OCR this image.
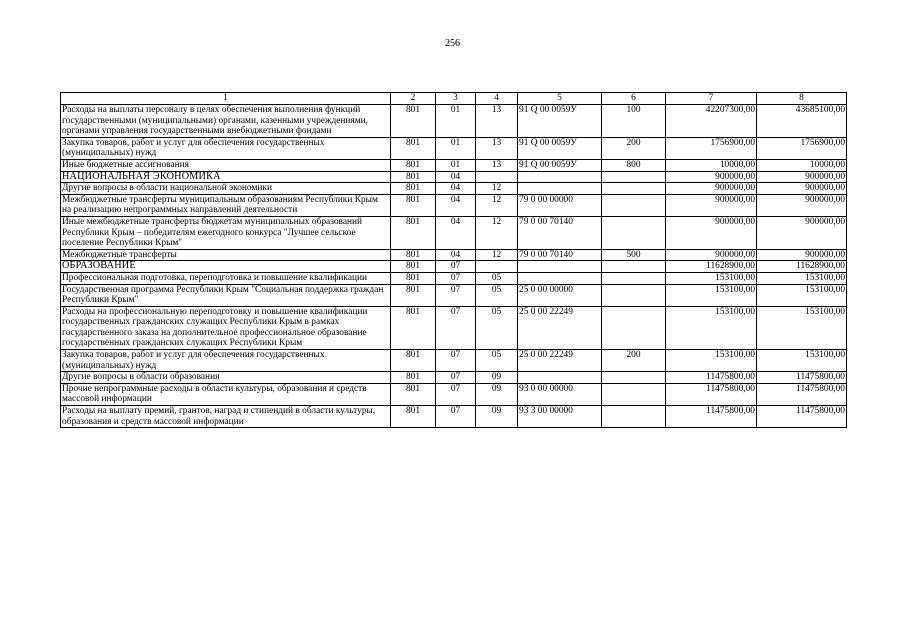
256
1	2	3	4	5	6	7	8
Расходы на выплаты персоналу в целях обеспечения выполнения функций государственными (муниципальными) органами, казенными учреждениями, органами управления государственными внебюджетными фондами	801	01	13	91 Q 00 0059У	100	42207300,00	43685100,00
Закупка товаров, работ и услуг для обеспечения государственных (муниципальных) нужд	801	01	13	91 Q 00 0059У	200	1756900,00	1756900,00
Иные бюджетные ассигнования	801	01	13	91 Q 00 0059У	800	10000,00	10000,00
НАЦИОНАЛЬНАЯ ЭКОНОМИКА	801	04				900000,00	900000,00
Другие вопросы в области национальной экономики	801	04	12			900000,00	900000,00
Межбюджетные трансферты муниципальным образованиям Республики Крым на реализацию непрограммных направлений деятельности	801	04	12	79 0 00 00000		900000,00	900000,00
Иные межбюджетные трансферты бюджетам муниципальных образований Республики Крым – победителям ежегодного конкурса "Лучшее сельское поселение Республики Крым"	801	04	12	79 0 00 70140		900000,00	900000,00
Межбюджетные трансферты	801	04	12	79 0 00 70140	500	900000,00	900000,00
ОБРАЗОВАНИЕ	801	07				11628900,00	11628900,00
Профессиональная подготовка, переподготовка и повышение квалификации	801	07	05			153100,00	153100,00
Государственная программа Республики Крым "Социальная поддержка граждан Республики Крым"	801	07	05	25 0 00 00000		153100,00	153100,00
Расходы на профессиональную переподготовку и повышение квалификации государственных гражданских служащих Республики Крым в рамках государственного заказа на дополнительное профессиональное образование государственных гражданских служащих Республики Крым	801	07	05	25 0 00 22249		153100,00	153100,00
Закупка товаров, работ и услуг для обеспечения государственных (муниципальных) нужд	801	07	05	25 0 00 22249	200	153100,00	153100,00
Другие вопросы в области образования	801	07	09			11475800,00	11475800,00
Прочие непрограммные расходы в области культуры, образования и средств массовой информации	801	07	09	93 0 00 00000		11475800,00	11475800,00
Расходы на выплату премий, грантов, наград и стипендий в области культуры, образования и средств массовой информации	801	07	09	93 3 00 00000		11475800,00	11475800,00
